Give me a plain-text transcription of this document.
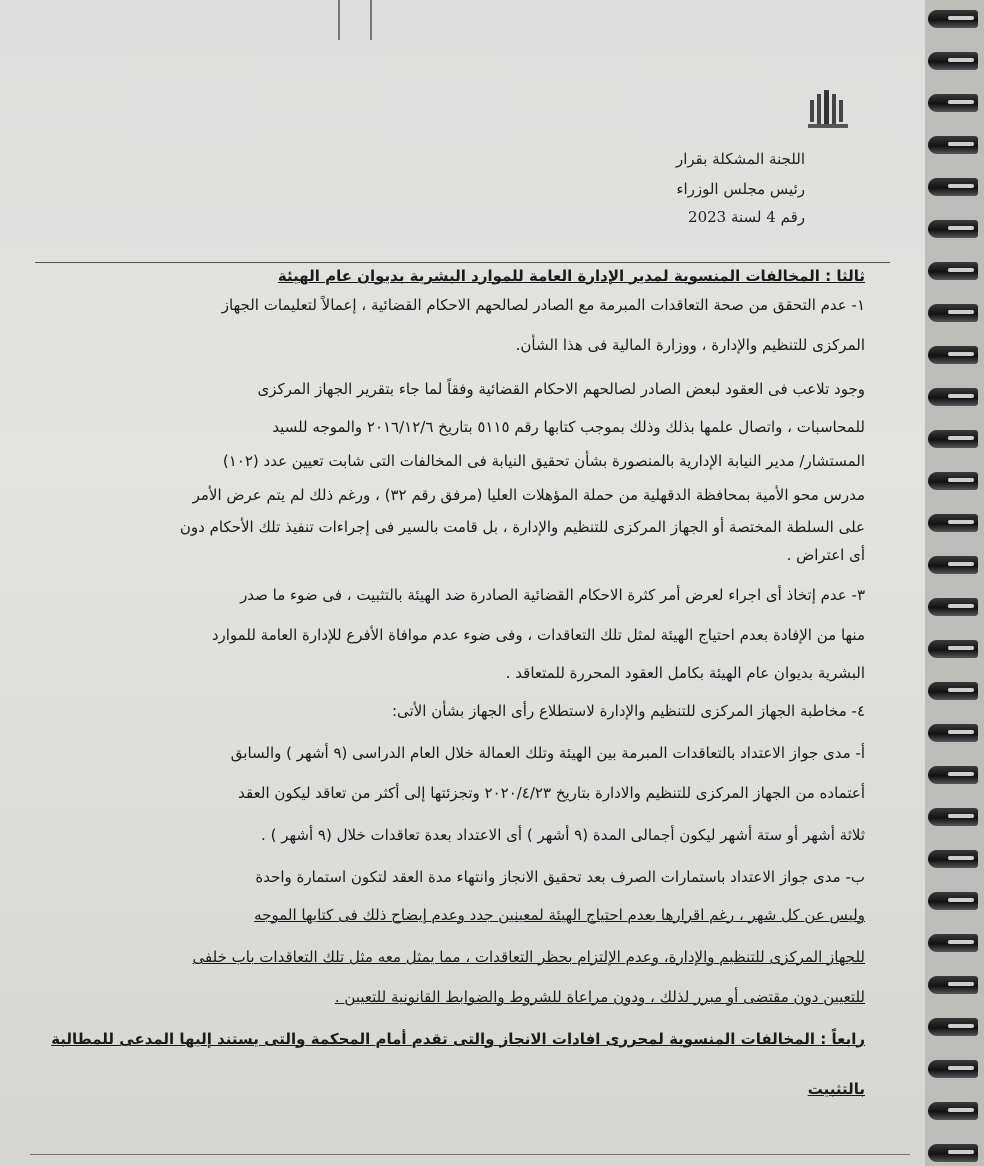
اللجنة المشكلة بقرار
رئيس مجلس الوزراء
رقم 4 لسنة 2023
ثالثا : المخالفات المنسوبة لمدير الإدارة العامة للموارد البشرية بديوان عام الهيئة
١- عدم التحقق من صحة التعاقدات المبرمة مع الصادر لصالحهم الاحكام القضائية ، إعمالاً لتعليمات الجهاز
المركزى للتنظيم والإدارة ، ووزارة المالية فى هذا الشأن.
وجود تلاعب فى العقود لبعض الصادر لصالحهم الاحكام القضائية وفقاً لما جاء بتقرير الجهاز المركزى
للمحاسبات ، واتصال علمها بذلك وذلك بموجب كتابها رقم ٥١١٥ بتاريخ ٢٠١٦/١٢/٦ والموجه للسيد
المستشار/ مدير النيابة الإدارية بالمنصورة بشأن تحقيق النيابة فى المخالفات التى شابت تعيين عدد (١٠٢)
مدرس محو الأمية بمحافظة الدقهلية من حملة المؤهلات العليا (مرفق رقم ٣٢) ، ورغم ذلك لم يتم عرض الأمر
على السلطة المختصة أو الجهاز المركزى للتنظيم والإدارة ، بل قامت بالسير فى إجراءات تنفيذ تلك الأحكام دون
أى اعتراض .
٣- عدم إتخاذ أى اجراء لعرض أمر كثرة الاحكام القضائية الصادرة ضد الهيئة بالتثبيت ، فى ضوء ما صدر
منها من الإفادة بعدم احتياج الهيئة لمثل تلك التعاقدات ، وفى ضوء عدم موافاة الأفرع للإدارة العامة للموارد
البشرية بديوان عام الهيئة بكامل العقود المحررة للمتعاقد .
٤- مخاطبة الجهاز المركزى للتنظيم والإدارة لاستطلاع رأى الجهاز بشأن الأتى:
أ- مدى جواز الاعتداد بالتعاقدات المبرمة بين الهيئة وتلك العمالة خلال العام الدراسى (٩ أشهر ) والسابق
أعتماده من الجهاز المركزى للتنظيم والادارة بتاريخ ٢٠٢٠/٤/٢٣ وتجزئتها إلى أكثر من تعاقد ليكون العقد
ثلاثة أشهر أو ستة أشهر ليكون أجمالى المدة (٩ أشهر ) أى الاعتداد بعدة تعاقدات خلال (٩ أشهر ) .
ب- مدى جواز الاعتداد باستمارات الصرف بعد تحقيق الانجاز وانتهاء مدة العقد لتكون استمارة واحدة
وليس عن كل شهر ، رغم اقرارها بعدم احتياج الهيئة لمعينين جدد وعدم إيضاح ذلك فى كتابها الموجه
للجهاز المركزى للتنظيم والإدارة، وعدم الإلتزام بحظر التعاقدات ، مما يمثل معه مثل تلك التعاقدات باب خلفى
للتعيين دون مقتضى أو مبرر لذلك ، ودون مراعاة للشروط والضوابط القانونية للتعيين .
رابعاً : المخالفات المنسوبة لمحررى افادات الانجاز والتى تقدم أمام المحكمة والتى يستند إليها المدعى للمطالبة
بالتثبيت
